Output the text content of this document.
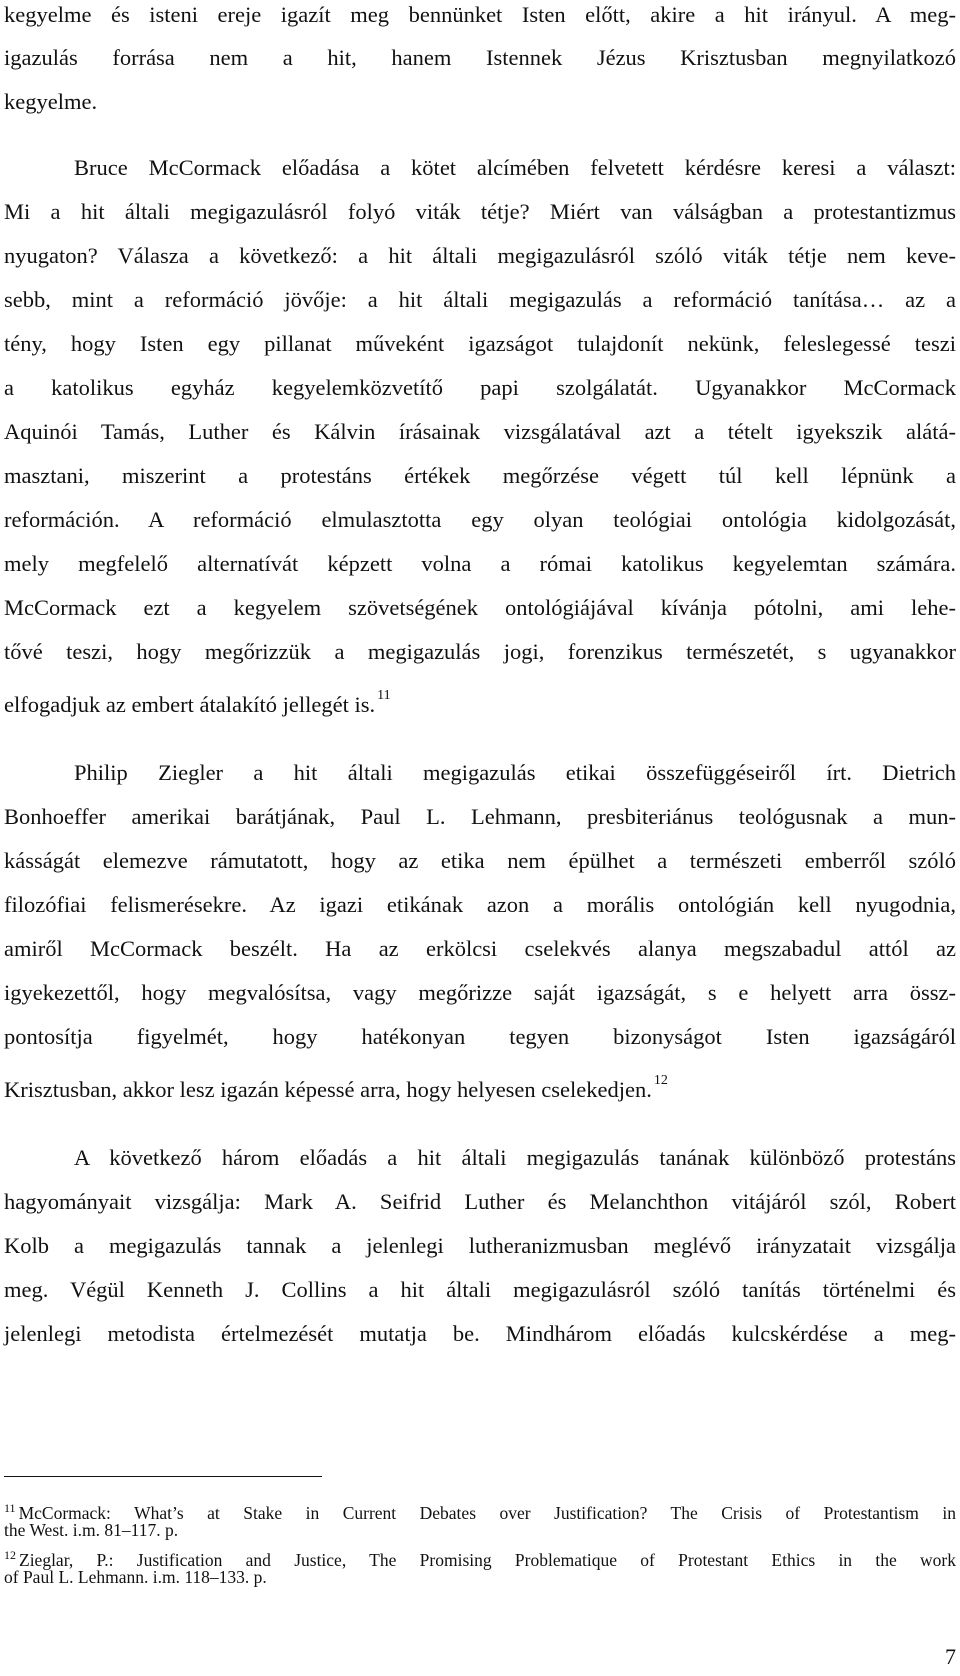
kegyelme és isteni ereje igazít meg bennünket Isten előtt, akire a hit irányul. A meg-

igazulás forrása nem a hit, hanem Istennek Jézus Krisztusban megnyilatkozó

kegyelme.

Bruce McCormack előadása a kötet alcímében felvetett kérdésre keresi a választ:

Mi a hit általi megigazulásról folyó viták tétje? Miért van válságban a protestantizmus

nyugaton? Válasza a következő: a hit általi megigazulásról szóló viták tétje nem keve-

sebb, mint a reformáció jövője: a hit általi megigazulás a reformáció tanítása… az a

tény, hogy Isten egy pillanat műveként igazságot tulajdonít nekünk, feleslegessé teszi

a katolikus egyház kegyelemközvetítő papi szolgálatát. Ugyanakkor McCormack

Aquinói Tamás, Luther és Kálvin írásainak vizsgálatával azt a tételt igyekszik alátá-

masztani, miszerint a protestáns értékek megőrzése végett túl kell lépnünk a

reformáción. A reformáció elmulasztotta egy olyan teológiai ontológia kidolgozását,

mely megfelelő alternatívát képzett volna a római katolikus kegyelemtan számára.

McCormack ezt a kegyelem szövetségének ontológiájával kívánja pótolni, ami lehe-

tővé teszi, hogy megőrizzük a megigazulás jogi, forenzikus természetét, s ugyanakkor

elfogadjuk az embert átalakító jellegét is. $^{11}$

Philip Ziegler a hit általi megigazulás etikai összefüggéseiről írt. Dietrich

Bonhoeffer amerikai barátjának, Paul L. Lehmann, presbiteriánus teológusnak a mun-

kásságát elemezve rámutatott, hogy az etika nem épülhet a természeti emberről szóló

filozófiai felismerésekre. Az igazi etikának azon a morális ontológián kell nyugodnia,

amiről McCormack beszélt. Ha az erkölcsi cselekvés alanya megszabadul attól az

igyekezettől, hogy megvalósítsa, vagy megőrizze saját igazságát, s e helyett arra össz-

pontosítja figyelmét, hogy hatékonyan tegyen bizonyságot Isten igazságáról

Krisztusban, akkor lesz igazán képessé arra, hogy helyesen cselekedjen. $^{12}$

A következő három előadás a hit általi megigazulás tanának különböző protestáns

hagyományait vizsgálja: Mark A. Seifrid Luther és Melanchthon vitájáról szól, Robert

Kolb a megigazulás tannak a jelenlegi lutheranizmusban meglévő irányzatait vizsgálja

meg. Végül Kenneth J. Collins a hit általi megigazulásról szóló tanítás történelmi és

jelenlegi metodista értelmezését mutatja be. Mindhárom előadás kulcskérdése a meg-

$^{11}$ McCormack: What’s at Stake in Current Debates over Justification? The Crisis of Protestantism in

the West. i.m. 81–117. p.

$^{12}$ Zieglar, P.: Justification and Justice, The Promising Problematique of Protestant Ethics in the work

of Paul L. Lehmann. i.m. 118–133. p.

7
